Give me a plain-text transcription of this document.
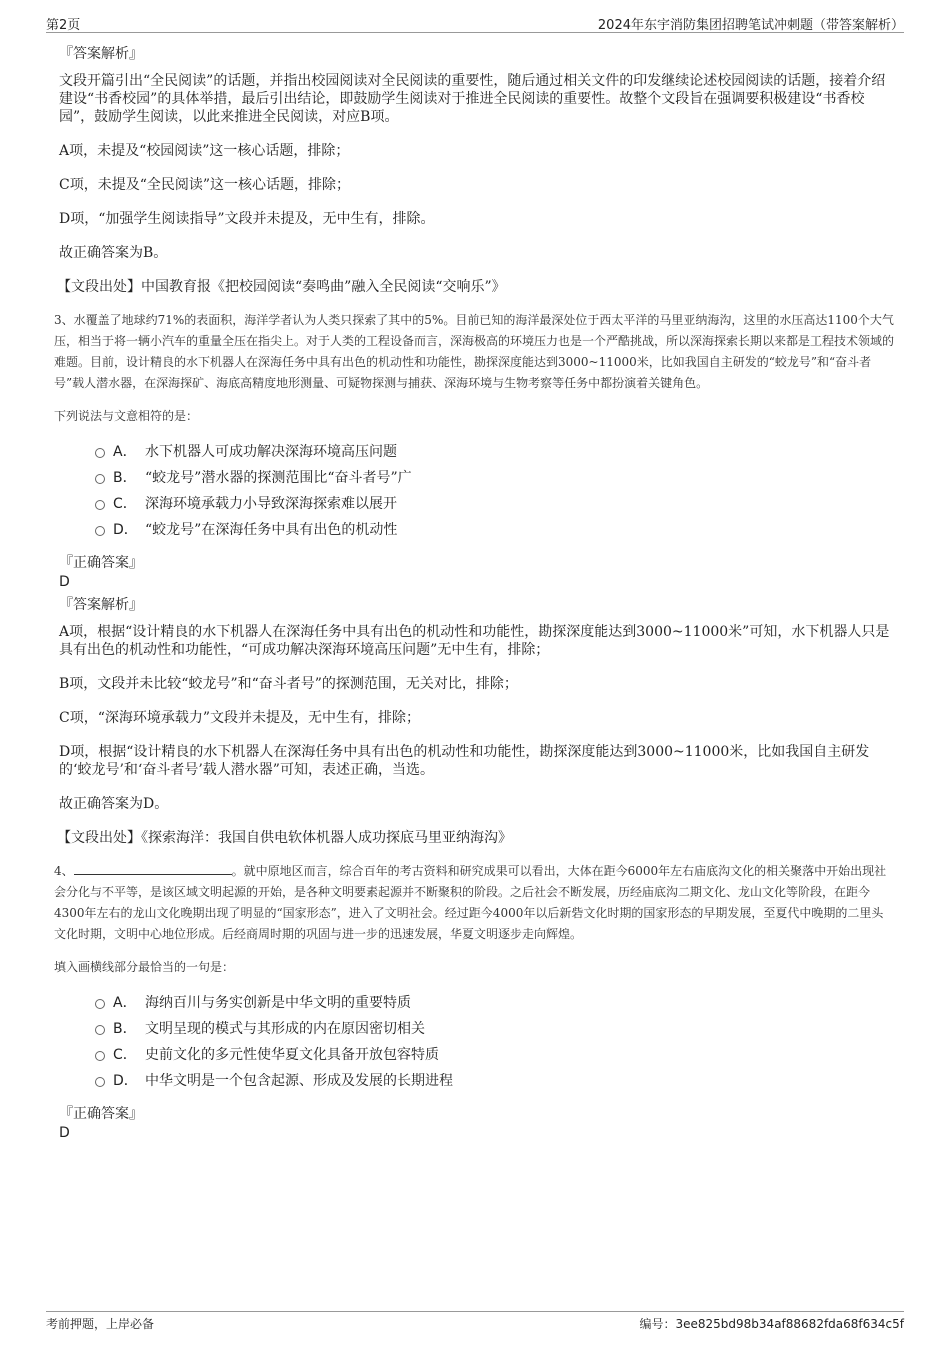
第2页	2024年东宇消防集团招聘笔试冲刺题（带答案解析）
『答案解析』
文段开篇引出“全民阅读”的话题，并指出校园阅读对全民阅读的重要性，随后通过相关文件的印发继续论述校园阅读的话题，接着介绍建设“书香校园”的具体举措，最后引出结论，即鼓励学生阅读对于推进全民阅读的重要性。故整个文段旨在强调要积极建设“书香校园”，鼓励学生阅读，以此来推进全民阅读，对应B项。
A项，未提及“校园阅读”这一核心话题，排除；
C项，未提及“全民阅读”这一核心话题，排除；
D项，“加强学生阅读指导”文段并未提及，无中生有，排除。
故正确答案为B。
【文段出处】中国教育报《把校园阅读“奏鸣曲”融入全民阅读“交响乐”》
3、水覆盖了地球约71%的表面积，海洋学者认为人类只探索了其中的5%。目前已知的海洋最深处位于西太平洋的马里亚纳海沟，这里的水压高达1100个大气压，相当于将一辆小汽车的重量全压在指尖上。对于人类的工程设备而言，深海极高的环境压力也是一个严酷挑战，所以深海探索长期以来都是工程技术领域的难题。目前，设计精良的水下机器人在深海任务中具有出色的机动性和功能性，勘探深度能达到3000~11000米，比如我国自主研发的“蛟龙号”和“奋斗者号”载人潜水器，在深海探矿、海底高精度地形测量、可疑物探测与捕获、深海环境与生物考察等任务中都扮演着关键角色。
下列说法与文意相符的是：
A． 水下机器人可成功解决深海环境高压问题
B． “蛟龙号”潜水器的探测范围比“奋斗者号”广
C． 深海环境承载力小导致深海探索难以展开
D． “蛟龙号”在深海任务中具有出色的机动性
『正确答案』
D
『答案解析』
A项，根据“设计精良的水下机器人在深海任务中具有出色的机动性和功能性，勘探深度能达到3000~11000米”可知，水下机器人只是具有出色的机动性和功能性，“可成功解决深海环境高压问题”无中生有，排除；
B项，文段并未比较“蛟龙号”和“奋斗者号”的探测范围，无关对比，排除；
C项，“深海环境承载力”文段并未提及，无中生有，排除；
D项，根据“设计精良的水下机器人在深海任务中具有出色的机动性和功能性，勘探深度能达到3000~11000米，比如我国自主研发的‘蛟龙号’和‘奋斗者号’载人潜水器”可知，表述正确，当选。
故正确答案为D。
【文段出处】《探索海洋：我国自供电软体机器人成功探底马里亚纳海沟》
4、	。就中原地区而言，综合百年的考古资料和研究成果可以看出，大体在距今6000年左右庙底沟文化的相关聚落中开始出现社会分化与不平等，是该区域文明起源的开始，是各种文明要素起源并不断聚积的阶段。之后社会不断发展，历经庙底沟二期文化、龙山文化等阶段，在距今4300年左右的龙山文化晚期出现了明显的“国家形态”，进入了文明社会。经过距今4000年以后新砦文化时期的国家形态的早期发展，至夏代中晚期的二里头文化时期，文明中心地位形成。后经商周时期的巩固与进一步的迅速发展，华夏文明逐步走向辉煌。
填入画横线部分最恰当的一句是：
A． 海纳百川与务实创新是中华文明的重要特质
B． 文明呈现的模式与其形成的内在原因密切相关
C． 史前文化的多元性使华夏文化具备开放包容特质
D． 中华文明是一个包含起源、形成及发展的长期进程
『正确答案』
D
考前押题，上岸必备	编号：3ee825bd98b34af88682fda68f634c5f
